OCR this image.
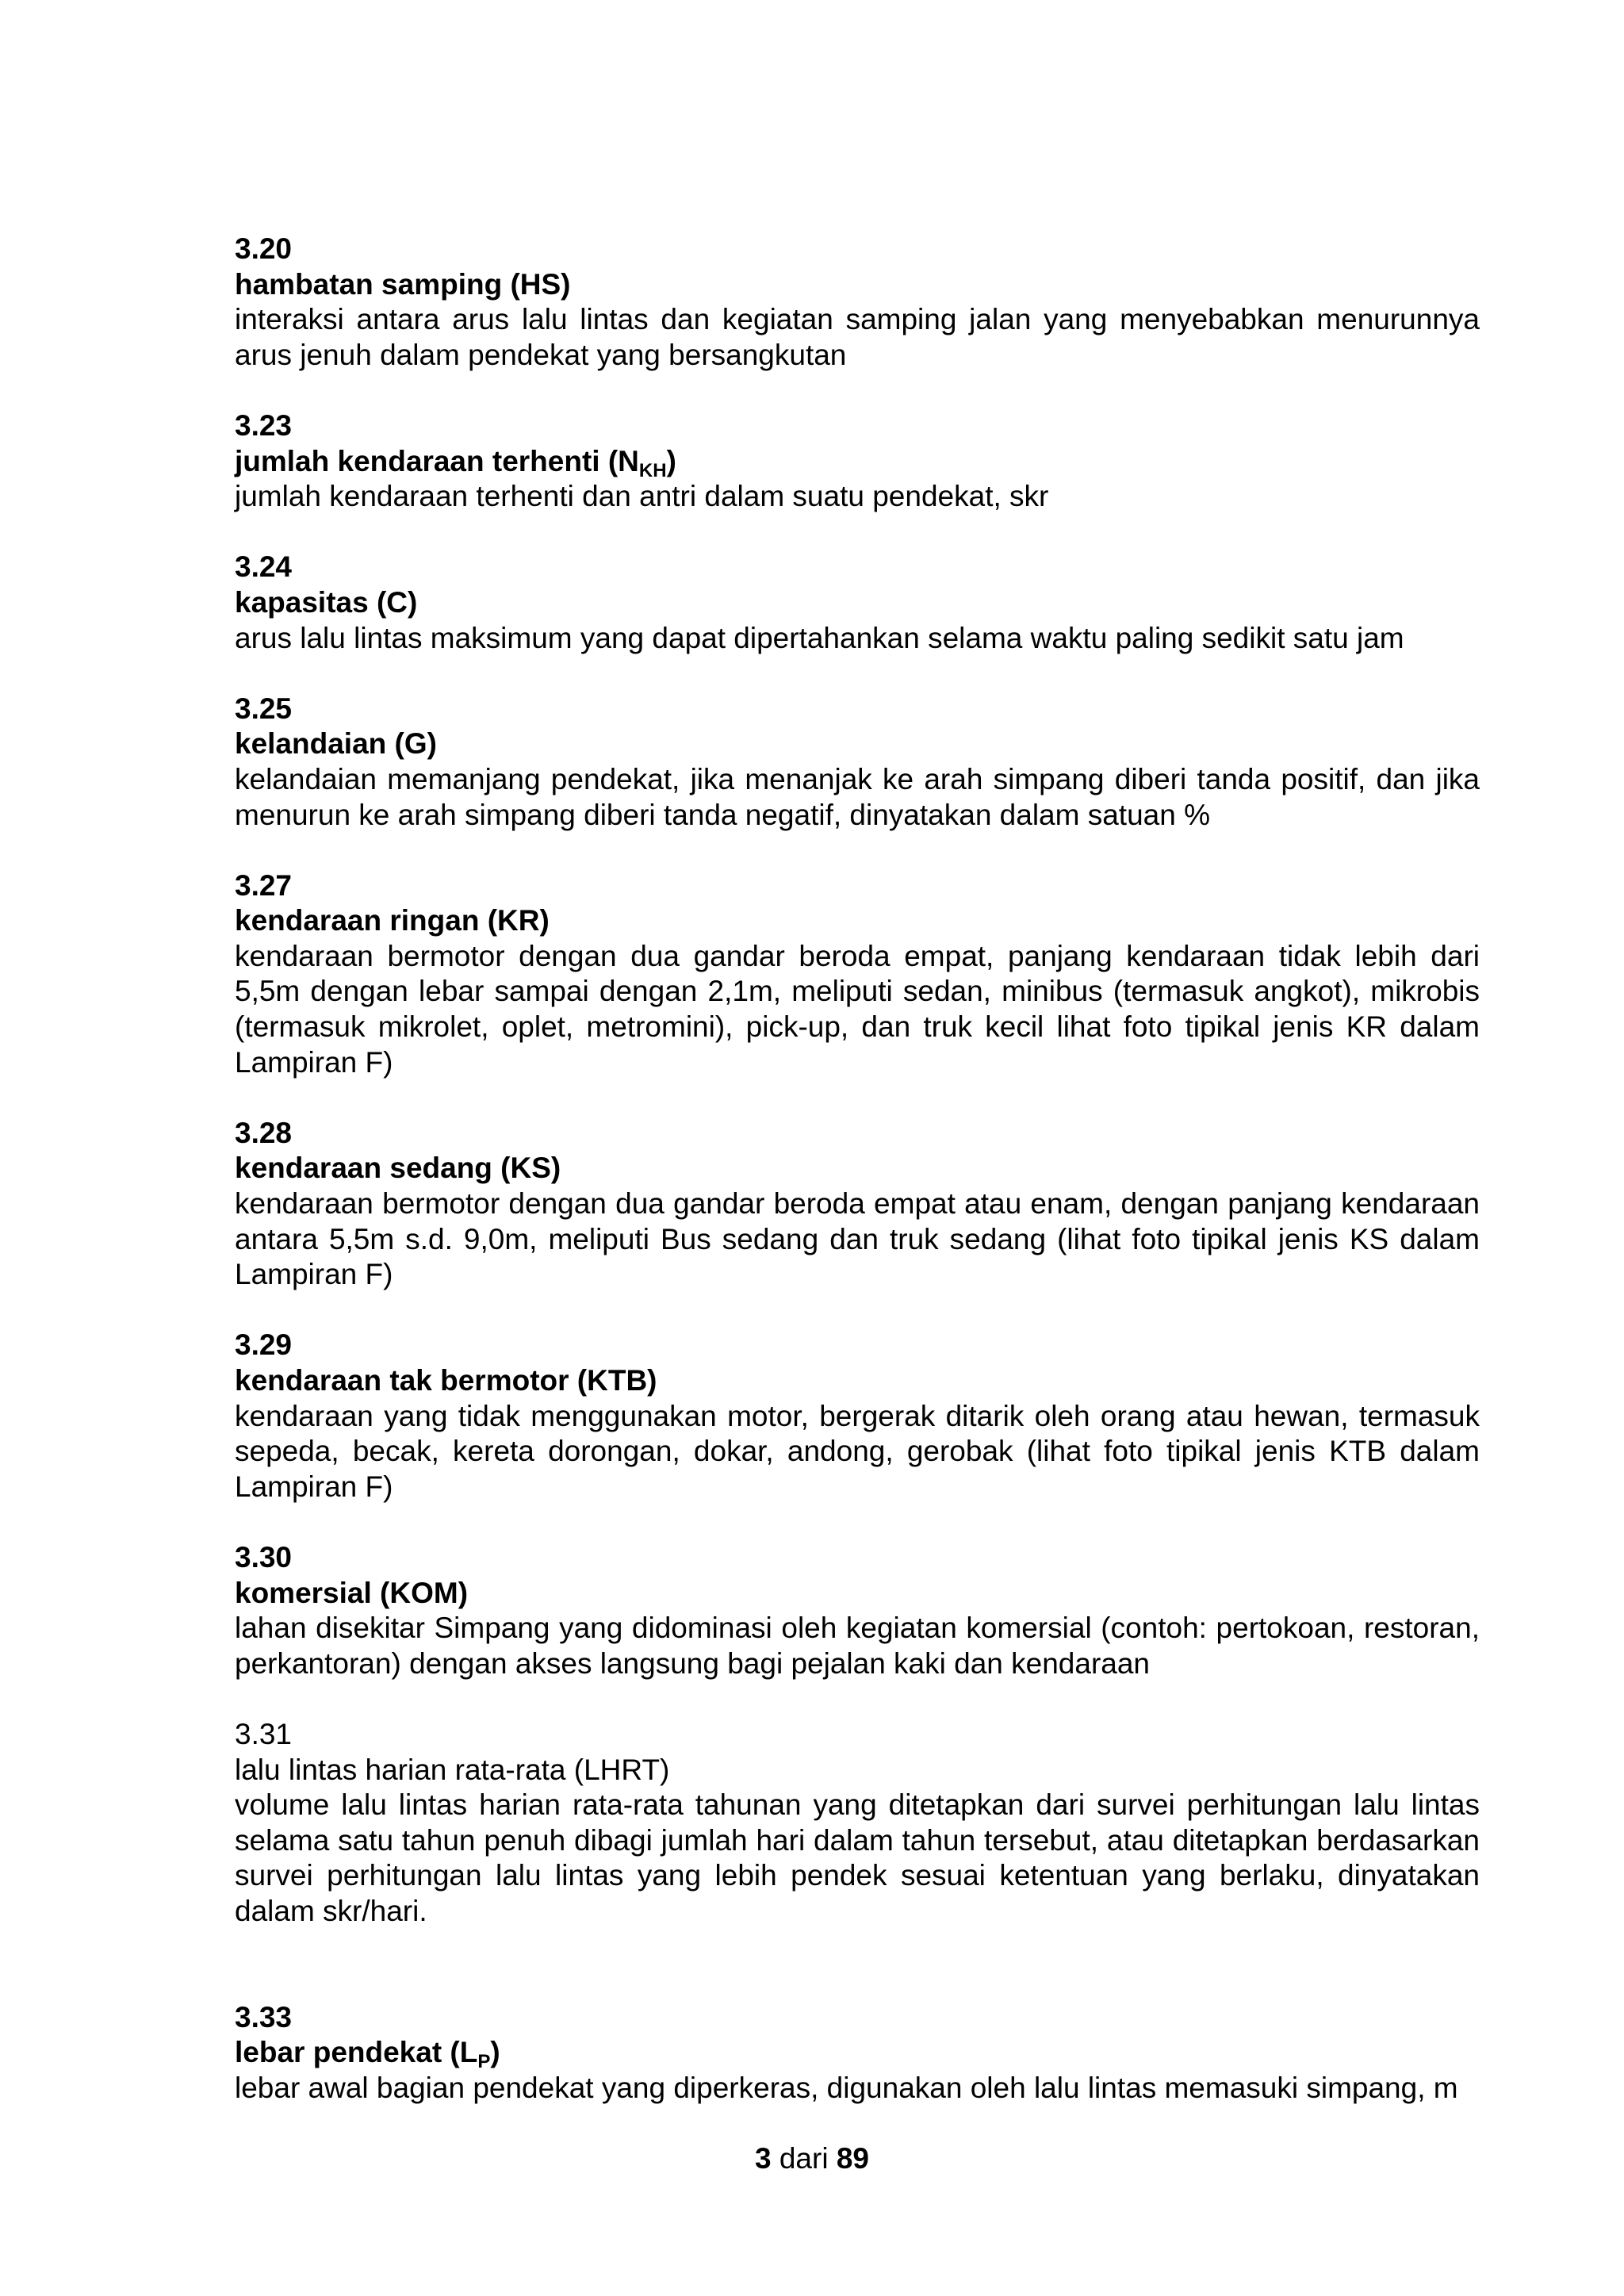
3.20

hambatan samping (HS)

interaksi antara arus lalu lintas dan kegiatan samping jalan yang menyebabkan menurunnya arus jenuh dalam pendekat yang bersangkutan

3.23

jumlah kendaraan terhenti $(N_{KH})$

jumlah kendaraan terhenti dan antri dalam suatu pendekat, skr

3.24

kapasitas (C)

arus lalu lintas maksimum yang dapat dipertahankan selama waktu paling sedikit satu jam

3.25

kelandaian (G)

kelandaian memanjang pendekat, jika menanjak ke arah simpang diberi tanda positif, dan jika menurun ke arah simpang diberi tanda negatif, dinyatakan dalam satuan %

3.27

kendaraan ringan (KR)

kendaraan bermotor dengan dua gandar beroda empat, panjang kendaraan tidak lebih dari 5,5m dengan lebar sampai dengan 2,1m, meliputi sedan, minibus (termasuk angkot), mikrobis (termasuk mikrolet, oplet, metromini), pick-up, dan truk kecil lihat foto tipikal jenis KR dalam Lampiran F)

3.28

kendaraan sedang (KS)

kendaraan bermotor dengan dua gandar beroda empat atau enam, dengan panjang kendaraan antara 5,5m s.d. 9,0m, meliputi Bus sedang dan truk sedang (lihat foto tipikal jenis KS dalam Lampiran F)

3.29

kendaraan tak bermotor (KTB)

kendaraan yang tidak menggunakan motor, bergerak ditarik oleh orang atau hewan, termasuk sepeda, becak, kereta dorongan, dokar, andong, gerobak (lihat foto tipikal jenis KTB dalam Lampiran F)

3.30

komersial (KOM)

lahan disekitar Simpang yang didominasi oleh kegiatan komersial (contoh: pertokoan, restoran, perkantoran) dengan akses langsung bagi pejalan kaki dan kendaraan

3.31

lalu lintas harian rata-rata (LHRT)

volume lalu lintas harian rata-rata tahunan yang ditetapkan dari survei perhitungan lalu lintas selama satu tahun penuh dibagi jumlah hari dalam tahun tersebut, atau ditetapkan berdasarkan survei perhitungan lalu lintas yang lebih pendek sesuai ketentuan yang berlaku, dinyatakan dalam skr/hari.

3.33

lebar pendekat $(L_P)$

lebar awal bagian pendekat yang diperkeras, digunakan oleh lalu lintas memasuki simpang, m

3 dari 89
